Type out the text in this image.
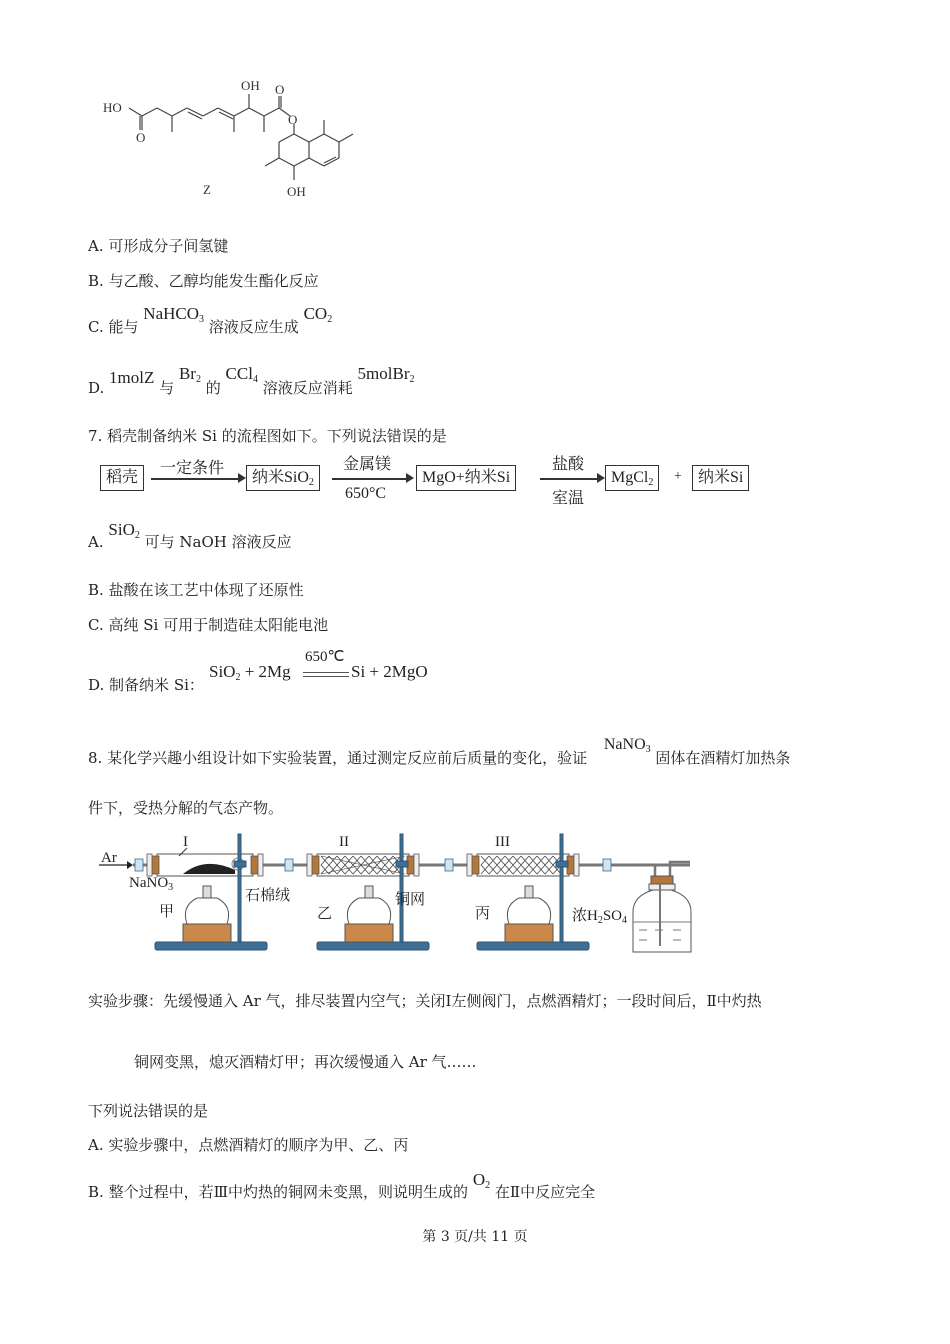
HO
O
OH O
O
OH
Z
A. 可形成分子间氢键
B. 与乙酸、乙醇均能发生酯化反应
C. 能与 NaHCO$_3$ 溶液反应生成 $CO_2$
D. 1molZ 与 $Br_2$ 的 CCl$_4$ 溶液反应消耗 5molBr$_2$
7. 稻壳制备纳米 Si 的流程图如下。下列说法错误的是
稻壳
一定条件
纳米SiO$_2$
金属镁
650°C
MgO+纳米Si
盐酸
室温
MgCl$_2$	+	纳米Si
A. SiO$_2$ 可与 NaOH 溶液反应
B. 盐酸在该工艺中体现了还原性
C. 高纯 Si 可用于制造硅太阳能电池
D. 制备纳米 Si：
SiO$_2$ + 2Mg
650℃
Si + 2MgO
8. 某化学兴趣小组设计如下实验装置，通过测定反应前后质量的变化，验证 NaNO$_3$ 固体在酒精灯加热条
件下，受热分解的气态产物。
Ar
I	II	III
NaNO$_3$	石棉绒	铜网
甲	乙	丙	浓$H_2SO_4$
实验步骤：先缓慢通入 Ar 气，排尽装置内空气；关闭Ⅰ左侧阀门，点燃酒精灯；一段时间后，Ⅱ中灼热
铜网变黑，熄灭酒精灯甲；再次缓慢通入 Ar 气……
下列说法错误的是
A. 实验步骤中，点燃酒精灯的顺序为甲、乙、丙
B. 整个过程中，若Ⅲ中灼热的铜网未变黑，则说明生成的 $O_2$ 在Ⅱ中反应完全
第 3 页/共 11 页
